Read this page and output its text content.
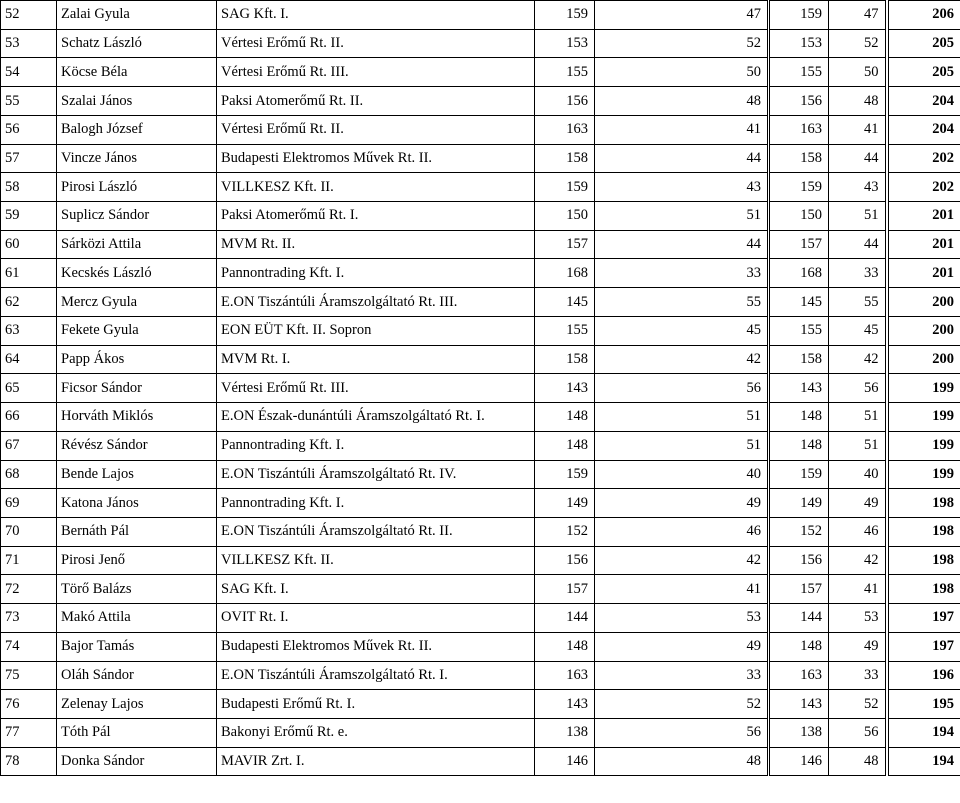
52	Zalai Gyula	SAG Kft. I.	159	47	159	47	206
53	Schatz László	Vértesi Erőmű Rt. II.	153	52	153	52	205
54	Köcse Béla	Vértesi Erőmű Rt. III.	155	50	155	50	205
55	Szalai János	Paksi Atomerőmű Rt. II.	156	48	156	48	204
56	Balogh József	Vértesi Erőmű Rt. II.	163	41	163	41	204
57	Vincze János	Budapesti Elektromos Művek Rt. II.	158	44	158	44	202
58	Pirosi László	VILLKESZ Kft. II.	159	43	159	43	202
59	Suplicz Sándor	Paksi Atomerőmű Rt. I.	150	51	150	51	201
60	Sárközi Attila	MVM Rt. II.	157	44	157	44	201
61	Kecskés László	Pannontrading Kft. I.	168	33	168	33	201
62	Mercz Gyula	E.ON Tiszántúli Áramszolgáltató Rt. III.	145	55	145	55	200
63	Fekete Gyula	EON EÜT Kft. II. Sopron	155	45	155	45	200
64	Papp Ákos	MVM Rt. I.	158	42	158	42	200
65	Ficsor Sándor	Vértesi Erőmű Rt. III.	143	56	143	56	199
66	Horváth Miklós	E.ON Észak-dunántúli Áramszolgáltató Rt. I.	148	51	148	51	199
67	Révész Sándor	Pannontrading Kft. I.	148	51	148	51	199
68	Bende Lajos	E.ON Tiszántúli Áramszolgáltató Rt. IV.	159	40	159	40	199
69	Katona János	Pannontrading Kft. I.	149	49	149	49	198
70	Bernáth Pál	E.ON Tiszántúli Áramszolgáltató Rt. II.	152	46	152	46	198
71	Pirosi Jenő	VILLKESZ Kft. II.	156	42	156	42	198
72	Törő Balázs	SAG Kft. I.	157	41	157	41	198
73	Makó Attila	OVIT Rt. I.	144	53	144	53	197
74	Bajor Tamás	Budapesti Elektromos Művek Rt. II.	148	49	148	49	197
75	Oláh Sándor	E.ON Tiszántúli Áramszolgáltató Rt. I.	163	33	163	33	196
76	Zelenay Lajos	Budapesti Erőmű Rt. I.	143	52	143	52	195
77	Tóth Pál	Bakonyi Erőmű Rt. e.	138	56	138	56	194
78	Donka Sándor	MAVIR Zrt. I.	146	48	146	48	194
